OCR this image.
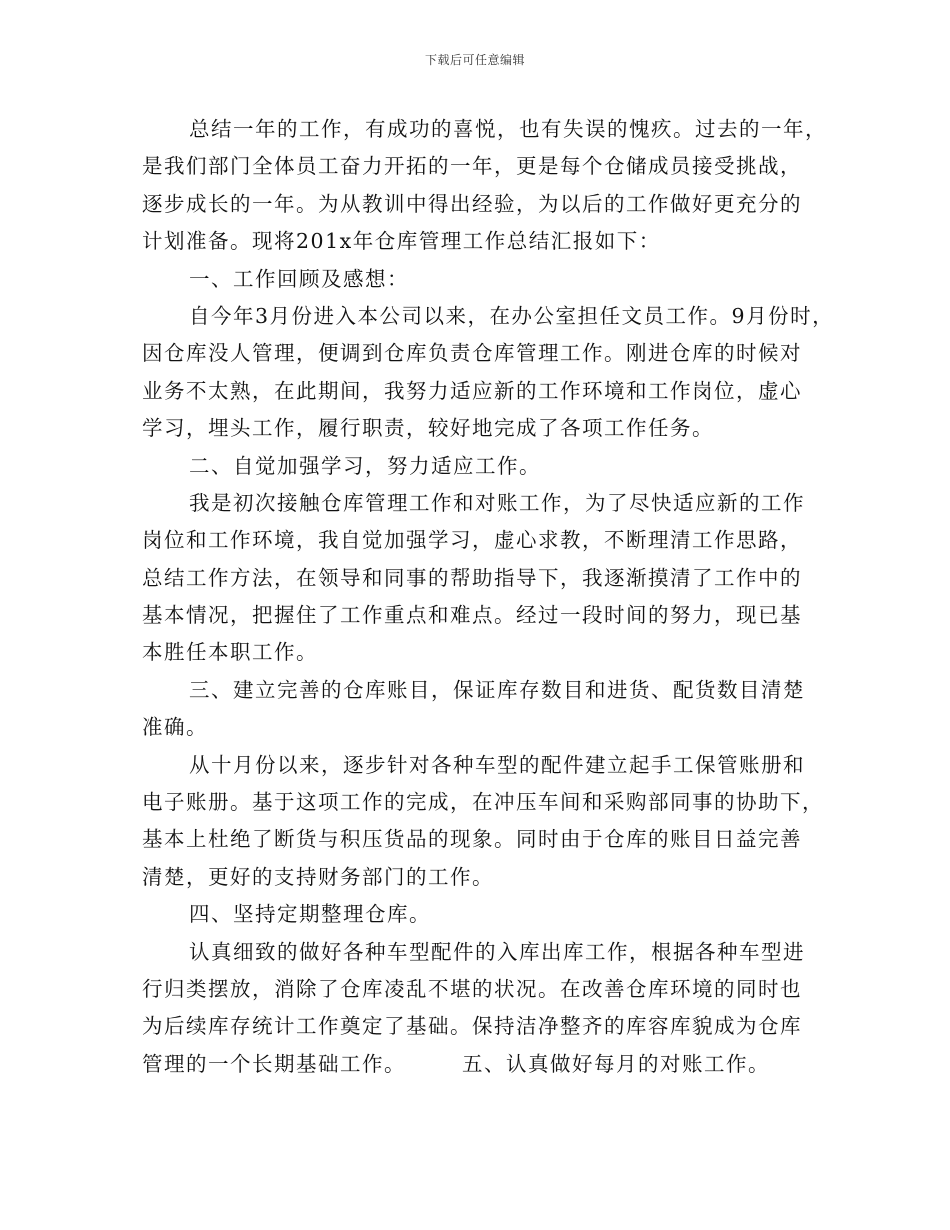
下载后可任意编辑
总结一年的工作，有成功的喜悦，也有失误的愧疚。过去的一年，
是我们部门全体员工奋力开拓的一年，更是每个仓储成员接受挑战，
逐步成长的一年。为从教训中得出经验，为以后的工作做好更充分的
计划准备。现将201x年仓库管理工作总结汇报如下：
一、工作回顾及感想：
自今年3月份进入本公司以来，在办公室担任文员工作。9月份时，
因仓库没人管理，便调到仓库负责仓库管理工作。刚进仓库的时候对
业务不太熟，在此期间，我努力适应新的工作环境和工作岗位，虚心
学习，埋头工作，履行职责，较好地完成了各项工作任务。
二、自觉加强学习，努力适应工作。
我是初次接触仓库管理工作和对账工作，为了尽快适应新的工作
岗位和工作环境，我自觉加强学习，虚心求教，不断理清工作思路，
总结工作方法，在领导和同事的帮助指导下，我逐渐摸清了工作中的
基本情况，把握住了工作重点和难点。经过一段时间的努力，现已基
本胜任本职工作。
三、建立完善的仓库账目，保证库存数目和进货、配货数目清楚
准确。
从十月份以来，逐步针对各种车型的配件建立起手工保管账册和
电子账册。基于这项工作的完成，在冲压车间和采购部同事的协助下，
基本上杜绝了断货与积压货品的现象。同时由于仓库的账目日益完善
清楚，更好的支持财务部门的工作。
四、坚持定期整理仓库。
认真细致的做好各种车型配件的入库出库工作，根据各种车型进
行归类摆放，消除了仓库凌乱不堪的状况。在改善仓库环境的同时也
为后续库存统计工作奠定了基础。保持洁净整齐的库容库貌成为仓库
管理的一个长期基础工作。	五、认真做好每月的对账工作。
